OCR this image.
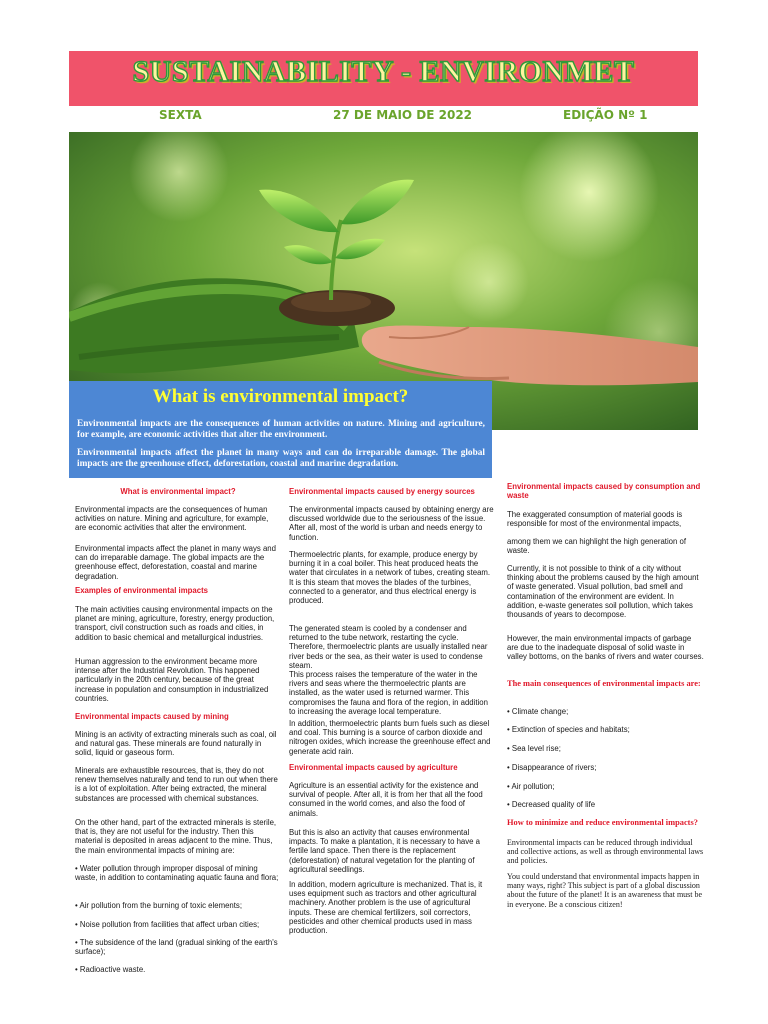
SUSTAINABILITY - ENVIRONMET
SEXTA	27 DE MAIO DE 2022	EDIÇÃO Nº 1
What is environmental impact?

Environmental impacts are the consequences of human activities on nature. Mining and agriculture, for example, are economic activities that alter the environment.

Environmental impacts affect the planet in many ways and can do irreparable damage. The global impacts are the greenhouse effect, deforestation, coastal and marine degradation.

What is environmental impact?

Environmental impacts are the consequences of human activities on nature. Mining and agriculture, for example, are economic activities that alter the environment.

Environmental impacts affect the planet in many ways and can do irreparable damage. The global impacts are the greenhouse effect, deforestation, coastal and marine degradation.

Examples of environmental impacts

The main activities causing environmental impacts on the planet are mining, agriculture, forestry, energy production, transport, civil construction such as roads and cities, in addition to basic chemical and metallurgical industries.

Human aggression to the environment became more intense after the Industrial Revolution. This happened particularly in the 20th century, because of the great increase in population and consumption in industrialized countries.

Environmental impacts caused by mining

Mining is an activity of extracting minerals such as coal, oil and natural gas. These minerals are found naturally in solid, liquid or gaseous form.

Minerals are exhaustible resources, that is, they do not renew themselves naturally and tend to run out when there is a lot of exploitation. After being extracted, the mineral substances are processed with chemical substances.

On the other hand, part of the extracted minerals is sterile, that is, they are not useful for the industry. Then this material is deposited in areas adjacent to the mine. Thus, the main environmental impacts of mining are:

• Water pollution through improper disposal of mining waste, in addition to contaminating aquatic fauna and flora;

• Air pollution from the burning of toxic elements;

• Noise pollution from facilities that affect urban cities;

• The subsidence of the land (gradual sinking of the earth's surface);

• Radioactive waste.

Environmental impacts caused by energy sources

The environmental impacts caused by obtaining energy are discussed worldwide due to the seriousness of the issue. After all, most of the world is urban and needs energy to function.

Thermoelectric plants, for example, produce energy by burning it in a coal boiler. This heat produced heats the water that circulates in a network of tubes, creating steam. It is this steam that moves the blades of the turbines, connected to a generator, and thus electrical energy is produced.

The generated steam is cooled by a condenser and returned to the tube network, restarting the cycle. Therefore, thermoelectric plants are usually installed near river beds or the sea, as their water is used to condense steam.

This process raises the temperature of the water in the rivers and seas where the thermoelectric plants are installed, as the water used is returned warmer. This compromises the fauna and flora of the region, in addition to increasing the average local temperature.

In addition, thermoelectric plants burn fuels such as diesel and coal. This burning is a source of carbon dioxide and nitrogen oxides, which increase the greenhouse effect and generate acid rain.

Environmental impacts caused by agriculture

Agriculture is an essential activity for the existence and survival of people. After all, it is from her that all the food consumed in the world comes, and also the food of animals.

But this is also an activity that causes environmental impacts. To make a plantation, it is necessary to have a fertile land space. Then there is the replacement (deforestation) of natural vegetation for the planting of agricultural seedlings.

In addition, modern agriculture is mechanized. That is, it uses equipment such as tractors and other agricultural machinery. Another problem is the use of agricultural inputs. These are chemical fertilizers, soil correctors, pesticides and other chemical products used in mass production.

Environmental impacts caused by consumption and waste

The exaggerated consumption of material goods is responsible for most of the environmental impacts,

among them we can highlight the high generation of waste.

Currently, it is not possible to think of a city without thinking about the problems caused by the high amount of waste generated. Visual pollution, bad smell and contamination of the environment are evident. In addition, e-waste generates soil pollution, which takes thousands of years to decompose.

However, the main environmental impacts of garbage are due to the inadequate disposal of solid waste in valley bottoms, on the banks of rivers and water courses.

The main consequences of environmental impacts are:

• Climate change;

• Extinction of species and habitats;

• Sea level rise;

• Disappearance of rivers;

• Air pollution;

• Decreased quality of life

How to minimize and reduce environmental impacts?

Environmental impacts can be reduced through individual and collective actions, as well as through environmental laws and policies.

You could understand that environmental impacts happen in many ways, right? This subject is part of a global discussion about the future of the planet! It is an awareness that must be in everyone. Be a conscious citizen!
